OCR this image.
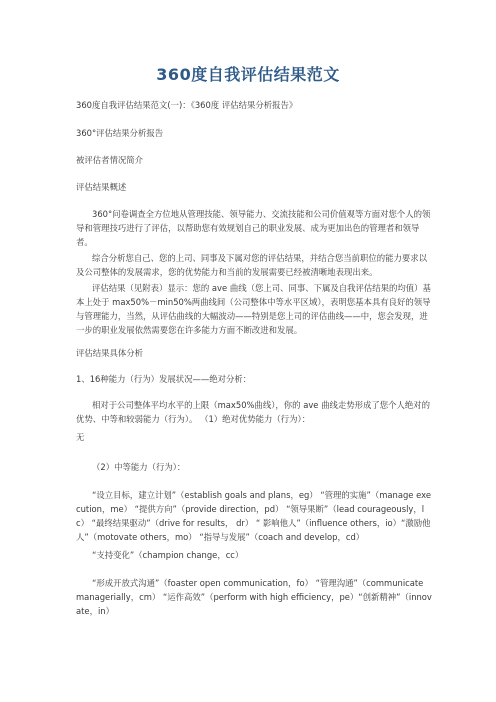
360度自我评估结果范文

360度自我评估结果范文(一)：《360度 评估结果分析报告》

360°评估结果分析报告

被评估者情况简介

评估结果概述

360°问卷调查全方位地从管理技能、领导能力、交流技能和公司价值观等方面对您个人的领导和管理技巧进行了评估，以帮助您有效规划自己的职业发展、成为更加出色的管理者和领导者。

综合分析您自己、您的上司、同事及下属对您的评估结果，并结合您当前职位的能力要求以及公司整体的发展需求，您的优势能力和当前的发展需要已经被清晰地表现出来。

评估结果（见附表）显示：您的 ave 曲线（您上司、同事、下属及自我评估结果的均值）基本上处于 max50%－min50%两曲线间（公司整体中等水平区域），表明您基本具有良好的领导与管理能力，当然，从评估曲线的大幅波动——特别是您上司的评估曲线——中，您会发现，进一步的职业发展依然需要您在许多能力方面不断改进和发展。

评估结果具体分析

1、16种能力（行为）发展状况——绝对分析：

相对于公司整体平均水平的上限（max50%曲线），你的 ave 曲线走势形成了您个人绝对的优势、中等和较弱能力（行为）。 （1）绝对优势能力（行为）：

无

（2）中等能力（行为）：

“设立目标，建立计划”（establish goals and plans，eg） “管理的实施”（manage execution，me） “提供方向”（provide direction，pd） “领导果断”（lead courageously，lc） “最终结果驱动”（drive for results， dr） “ 影响他人”（influence others，io）“激励他人”（motovate others，mo） “指导与发展”（coach and develop，cd）

“支持变化”（champion change，cc）

“形成开放式沟通”（foaster open communication，fo） “管理沟通”（communicate managerially，cm） “运作高效”（perform with high efficiency，pe）“创新精神”（innovate，in）
